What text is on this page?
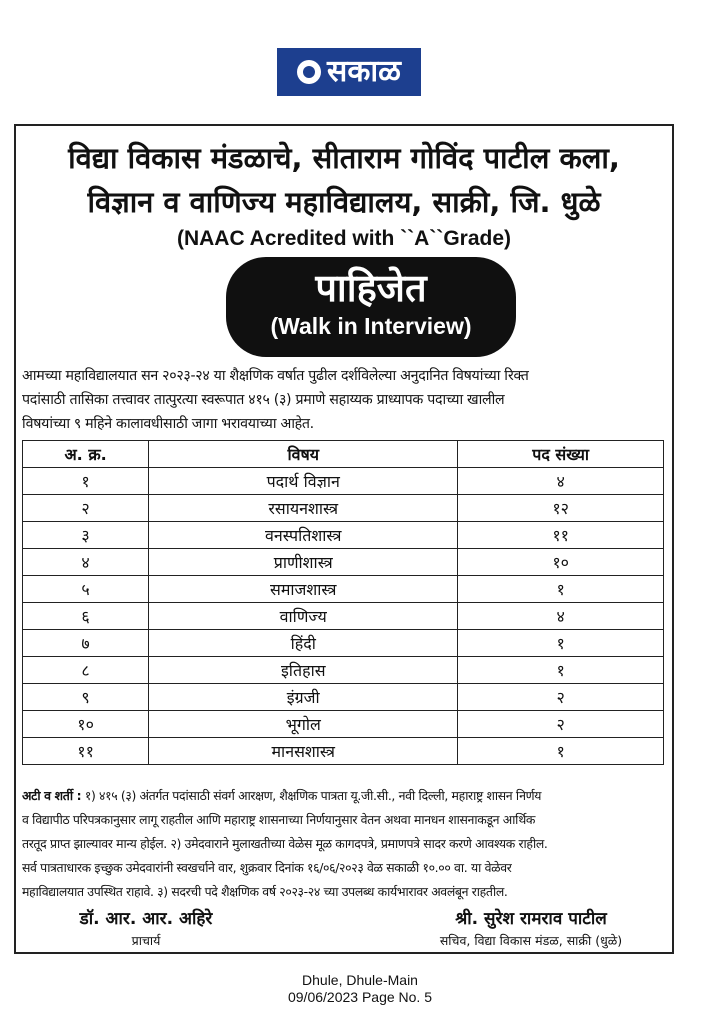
सकाळ
विद्या विकास मंडळाचे, सीताराम गोविंद पाटील कला,
विज्ञान व वाणिज्य महाविद्यालय, साक्री, जि. धुळे
(NAAC Acredited with ``A``Grade)
पाहिजेत
(Walk in Interview)
आमच्या महाविद्यालयात सन २०२३-२४ या शैक्षणिक वर्षात पुढील दर्शविलेल्या अनुदानित विषयांच्या रिक्त
पदांसाठी तासिका तत्त्वावर तात्पुरत्या स्वरूपात ४१५ (३) प्रमाणे सहाय्यक प्राध्यापक पदाच्या खालील
विषयांच्या ९ महिने कालावधीसाठी जागा भरावयाच्या आहेत.
अ. क्र.	विषय	पद संख्या
१	पदार्थ विज्ञान	४
२	रसायनशास्त्र	१२
३	वनस्पतिशास्त्र	११
४	प्राणीशास्त्र	१०
५	समाजशास्त्र	१
६	वाणिज्य	४
७	हिंदी	१
८	इतिहास	१
९	इंग्रजी	२
१०	भूगोल	२
११	मानसशास्त्र	१
अटी व शर्ती : १) ४१५ (३) अंतर्गत पदांसाठी संवर्ग आरक्षण, शैक्षणिक पात्रता यू.जी.सी., नवी दिल्ली, महाराष्ट्र शासन निर्णय
व विद्यापीठ परिपत्रकानुसार लागू राहतील आणि महाराष्ट्र शासनाच्या निर्णयानुसार वेतन अथवा मानधन शासनाकडून आर्थिक
तरतूद प्राप्त झाल्यावर मान्य होईल. २) उमेदवाराने मुलाखतीच्या वेळेस मूळ कागदपत्रे, प्रमाणपत्रे सादर करणे आवश्यक राहील.
सर्व पात्रताधारक इच्छुक उमेदवारांनी स्वखर्चाने वार, शुक्रवार दिनांक १६/०६/२०२३ वेळ सकाळी १०.०० वा. या वेळेवर
महाविद्यालयात उपस्थित राहावे. ३) सदरची पदे शैक्षणिक वर्ष २०२३-२४ च्या उपलब्ध कार्यभारावर अवलंबून राहतील.
डॉ. आर. आर. अहिरे
प्राचार्य
श्री. सुरेश रामराव पाटील
सचिव, विद्या विकास मंडळ, साक्री (धुळे)
Dhule, Dhule-Main
09/06/2023 Page No. 5
